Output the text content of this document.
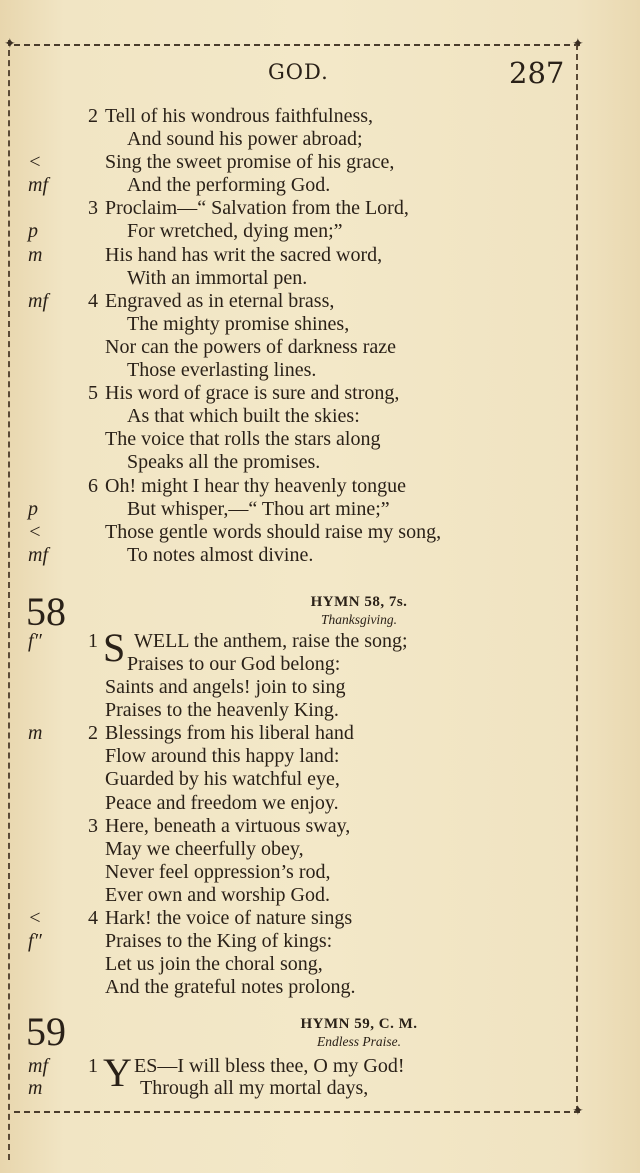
✦	✦
✦
GOD.	287
2 Tell of his wondrous faithfulness,
And sound his power abroad;
<	Sing the sweet promise of his grace,
mf	And the performing God.
3 Proclaim—“ Salvation from the Lord,
p	For wretched, dying men;”
m	His hand has writ the sacred word,
With an immortal pen.
mf	4 Engraved as in eternal brass,
The mighty promise shines,
Nor can the powers of darkness raze
Those everlasting lines.
5 His word of grace is sure and strong,
As that which built the skies:
The voice that rolls the stars along
Speaks all the promises.
6 Oh! might I hear thy heavenly tongue
p	But whisper,—“ Thou art mine;”
<	Those gentle words should raise my song,
mf	To notes almost divine.
58	HYMN 58, 7s.
Thanksgiving.
f″	1 S WELL the anthem, raise the song;
Praises to our God belong:
Saints and angels! join to sing
Praises to the heavenly King.
m	2 Blessings from his liberal hand
Flow around this happy land:
Guarded by his watchful eye,
Peace and freedom we enjoy.
3 Here, beneath a virtuous sway,
May we cheerfully obey,
Never feel oppression’s rod,
Ever own and worship God.
<	4 Hark! the voice of nature sings
f″	Praises to the King of kings:
Let us join the choral song,
And the grateful notes prolong.
59	HYMN 59, C. M.
Endless Praise.
mf	1 Y ES—I will bless thee, O my God!
m	Through all my mortal days,
